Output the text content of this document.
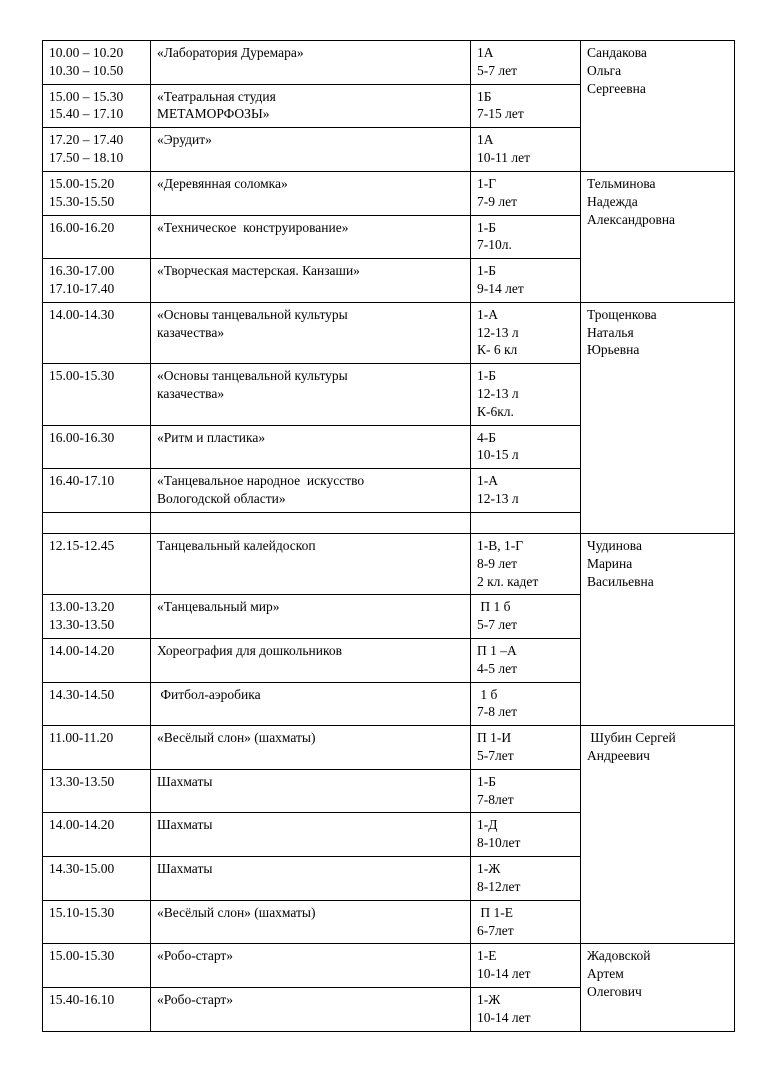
10.00 – 10.20
10.30 – 10.50	«Лаборатория Дуремара»	1А
5-7 лет	Сандакова
Ольга
Сергеевна

15.00 – 15.30
15.40 – 17.10	«Театральная студия
МЕТАМОРФОЗЫ»	1Б
7-15 лет	

17.20 – 17.40
17.50 – 18.10	«Эрудит»	1А
10-11 лет	

15.00-15.20
15.30-15.50	«Деревянная соломка»	1-Г
7-9 лет	Тельминова
Надежда
Александровна

16.00-16.20	«Техническое  конструирование»	1-Б
7-10л.	

16.30-17.00
17.10-17.40	«Творческая мастерская. Канзаши»	1-Б
9-14 лет	

14.00-14.30	«Основы танцевальной культуры
казачества»	1-А
12-13 л
К- 6 кл	Трощенкова
Наталья
Юрьевна

15.00-15.30	«Основы танцевальной культуры
казачества»	1-Б
12-13 л
К-6кл.	

16.00-16.30	«Ритм и пластика»	4-Б
10-15 л	

16.40-17.10	«Танцевальное народное  искусство
Вологодской области»	1-А
12-13 л	

12.15-12.45	Танцевальный калейдоскоп	1-В, 1-Г
8-9 лет
2 кл. кадет	Чудинова
Марина
Васильевна

13.00-13.20
13.30-13.50	«Танцевальный мир»	П 1 б
5-7 лет	

14.00-14.20	Хореография для дошкольников	П 1 –А
4-5 лет	

14.30-14.50	Фитбол-аэробика	1 б
7-8 лет	

11.00-11.20	«Весёлый слон» (шахматы)	П 1-И
5-7лет	Шубин Сергей
Андреевич

13.30-13.50	Шахматы	1-Б
7-8лет	

14.00-14.20	Шахматы	1-Д
8-10лет	

14.30-15.00	Шахматы	1-Ж
8-12лет	

15.10-15.30	«Весёлый слон» (шахматы)	П 1-Е
6-7лет	

15.00-15.30	«Робо-старт»	1-Е
10-14 лет	Жадовской
Артем
Олегович

15.40-16.10	«Робо-старт»	1-Ж
10-14 лет	
